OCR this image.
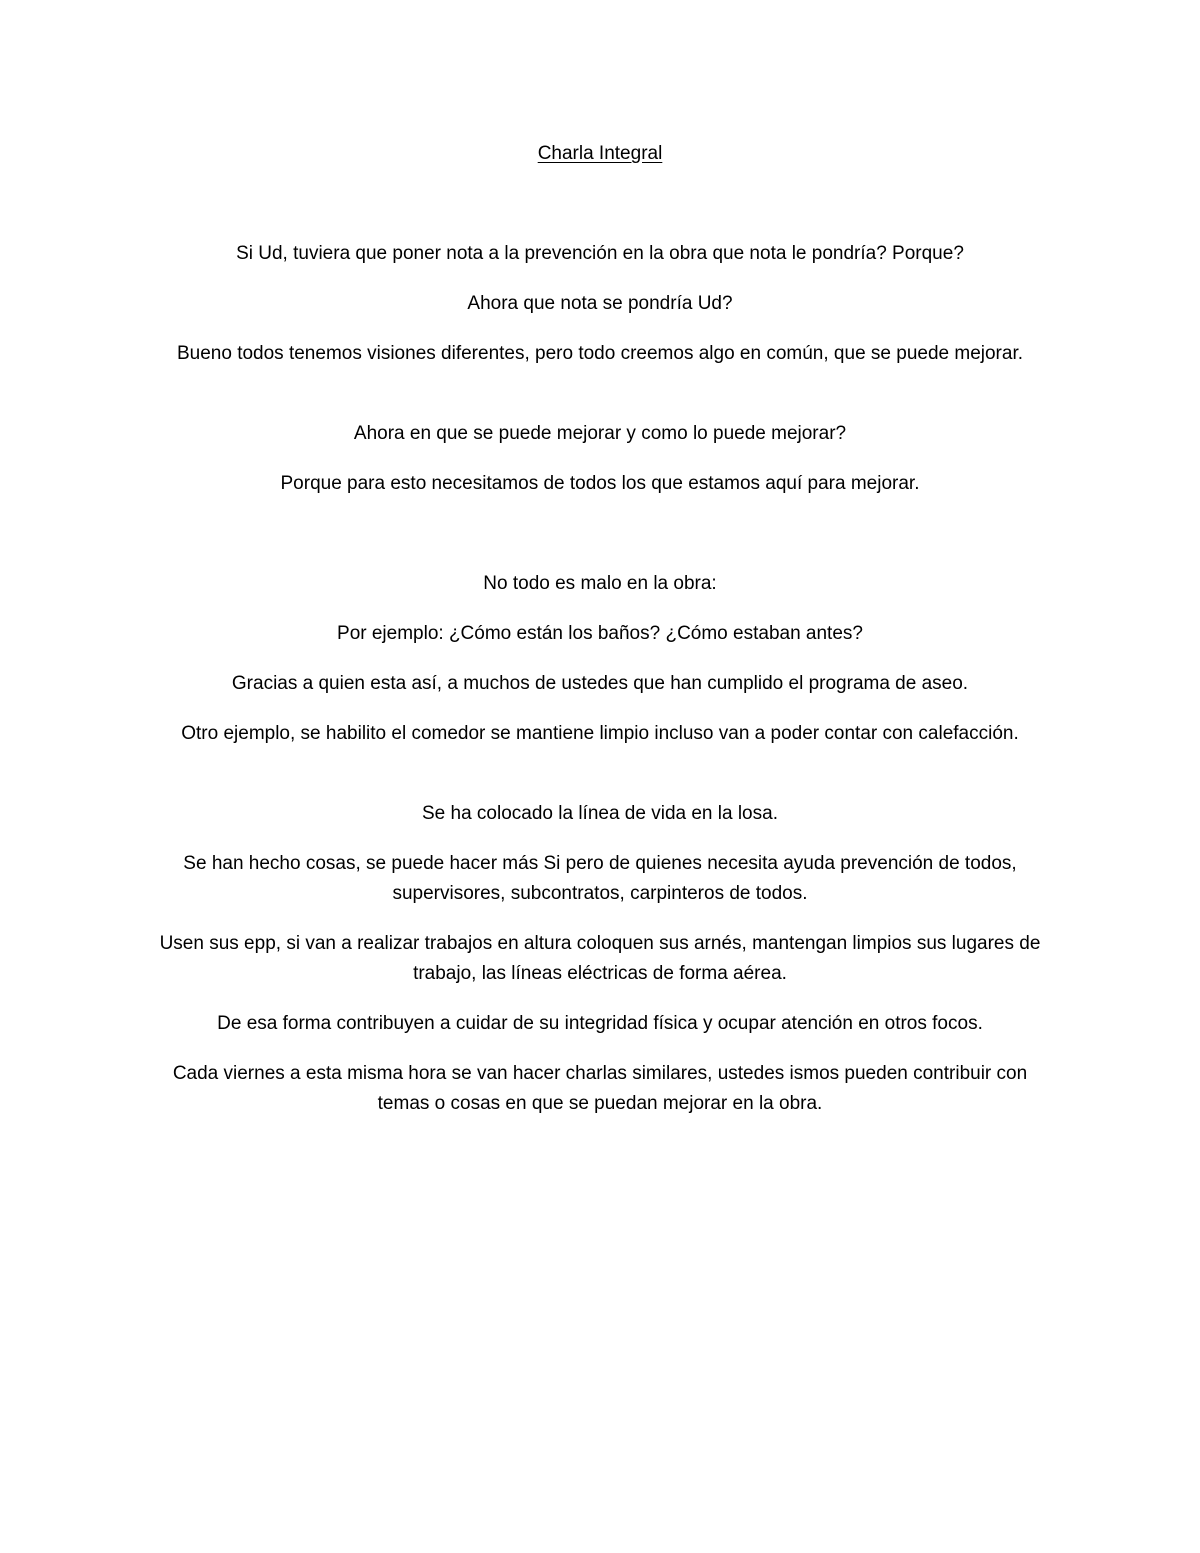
Charla Integral

Si Ud, tuviera que poner nota a la prevención en la obra que nota le pondría? Porque?

Ahora que nota se pondría Ud?

Bueno todos tenemos visiones diferentes, pero todo creemos algo en común, que se puede mejorar.

Ahora en que se puede mejorar y como lo puede mejorar?

Porque para esto necesitamos de todos los que estamos aquí para mejorar.

No todo es malo en la obra:

Por ejemplo: ¿Cómo están los baños? ¿Cómo estaban antes?

Gracias a quien esta así, a muchos de ustedes que han cumplido el programa de aseo.

Otro ejemplo, se habilito el comedor se mantiene limpio incluso van a poder contar con calefacción.

Se ha colocado la línea de vida en la losa.

Se han hecho cosas, se puede hacer más Si pero de quienes necesita ayuda prevención de todos, supervisores, subcontratos, carpinteros de todos.

Usen sus epp, si van a realizar trabajos en altura coloquen sus arnés, mantengan limpios sus lugares de trabajo, las líneas eléctricas de forma aérea.

De esa forma contribuyen a cuidar de su integridad física y ocupar atención en otros focos.

Cada viernes a esta misma hora se van hacer charlas similares, ustedes ismos pueden contribuir con temas o cosas en que se puedan mejorar en la obra.
